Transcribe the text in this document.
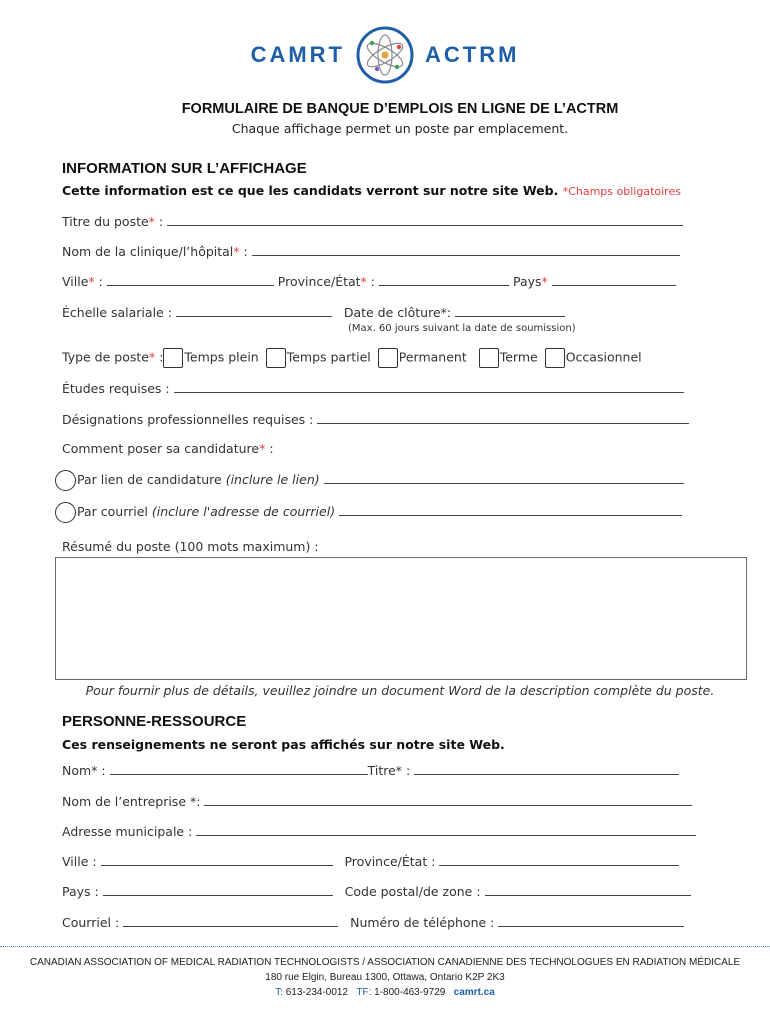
CAMRT	ACTRM
FORMULAIRE DE BANQUE D’EMPLOIS EN LIGNE DE L’ACTRM
Chaque affichage permet un poste par emplacement.
INFORMATION SUR L’AFFICHAGE
Cette information est ce que les candidats verront sur notre site Web. *Champs obligatoires
Titre du poste* :
Nom de la clinique/l’hôpital* :
Ville* :	Province/État* :	Pays*
Échelle salariale :	Date de clôture*:
(Max. 60 jours suivant la date de soumission)
Type de poste* : Temps plein Temps partiel Permanent	Terme Occasionnel
Études requises :
Désignations professionnelles requises :
Comment poser sa candidature* :
Par lien de candidature (inclure le lien)
Par courriel (inclure l'adresse de courriel)
Résumé du poste (100 mots maximum) :
Pour fournir plus de détails, veuillez joindre un document Word de la description complète du poste.
PERSONNE-RESSOURCE
Ces renseignements ne seront pas affichés sur notre site Web.
Nom* :	Titre* :
Nom de l’entreprise *:
Adresse municipale :
Ville :	Province/État :
Pays :	Code postal/de zone :
Courriel :	Numéro de téléphone :
CANADIAN ASSOCIATION OF MEDICAL RADIATION TECHNOLOGISTS / ASSOCIATION CANADIENNE DES TECHNOLOGUES EN RADIATION MÉDICALE
180 rue Elgin, Bureau 1300, Ottawa, Ontario K2P 2K3
T: 613-234-0012 TF: 1-800-463-9729 camrt.ca
